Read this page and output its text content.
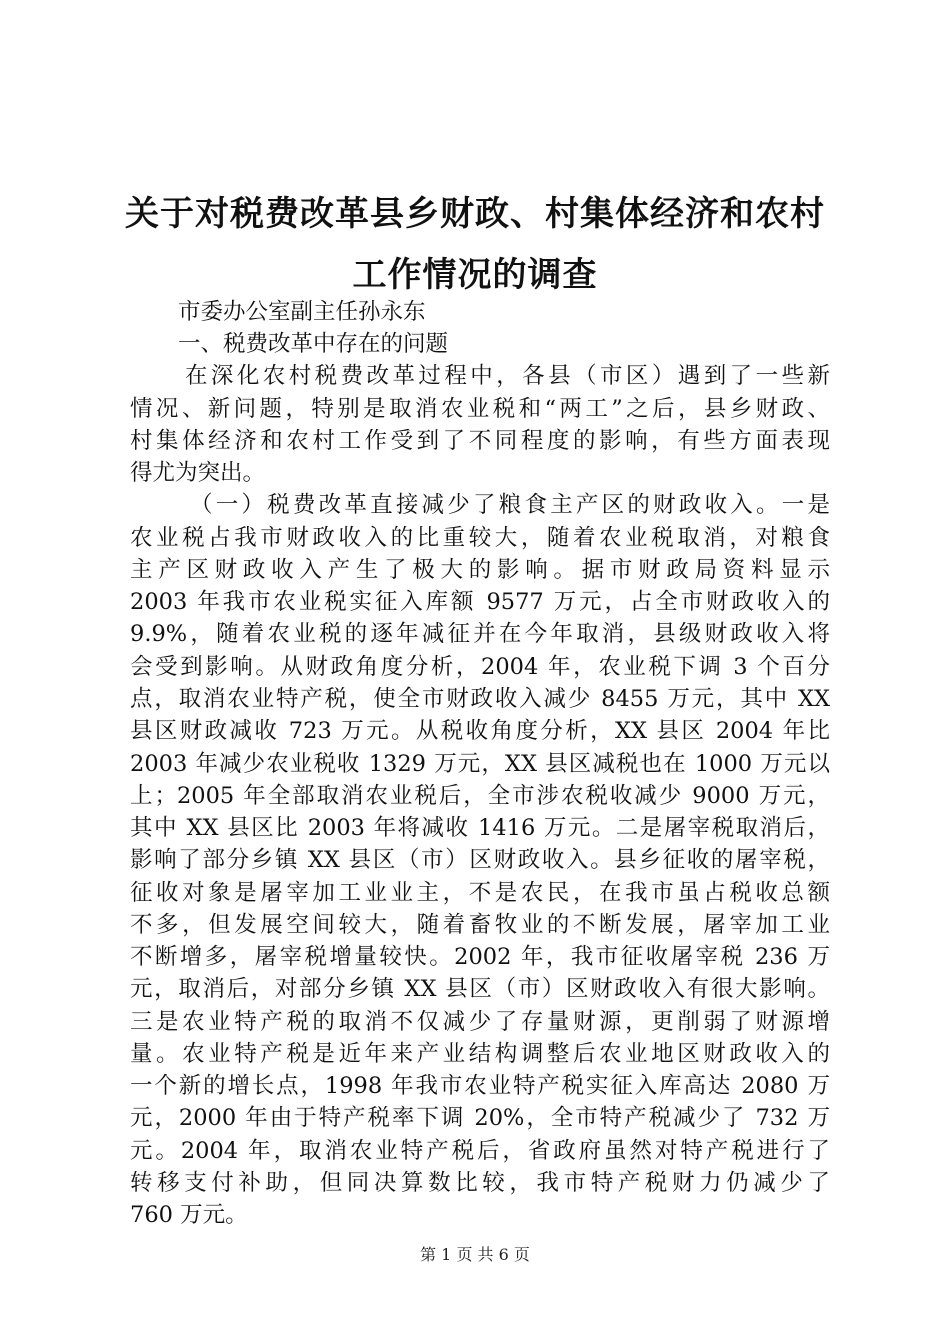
关于对税费改革县乡财政、村集体经济和农村
工作情况的调查
市委办公室副主任孙永东
一、税费改革中存在的问题
在深化农村税费改革过程中，各县（市区）遇到了一些新
情况、新问题，特别是取消农业税和“两工”之后，县乡财政、
村集体经济和农村工作受到了不同程度的影响，有些方面表现
得尤为突出。
（一）税费改革直接减少了粮食主产区的财政收入。一是
农业税占我市财政收入的比重较大，随着农业税取消，对粮食
主产区财政收入产生了极大的影响。据市财政局资料显示
2003 年我市农业税实征入库额 9577 万元，占全市财政收入的
9.9%，随着农业税的逐年减征并在今年取消，县级财政收入将
会受到影响。从财政角度分析，2004 年，农业税下调 3 个百分
点，取消农业特产税，使全市财政收入减少 8455 万元，其中 XX
县区财政减收 723 万元。从税收角度分析，XX 县区 2004 年比
2003 年减少农业税收 1329 万元，XX 县区减税也在 1000 万元以
上；2005 年全部取消农业税后，全市涉农税收减少 9000 万元，
其中 XX 县区比 2003 年将减收 1416 万元。二是屠宰税取消后，
影响了部分乡镇 XX 县区（市）区财政收入。县乡征收的屠宰税，
征收对象是屠宰加工业业主，不是农民，在我市虽占税收总额
不多，但发展空间较大，随着畜牧业的不断发展，屠宰加工业
不断增多，屠宰税增量较快。2002 年，我市征收屠宰税 236 万
元，取消后，对部分乡镇 XX 县区（市）区财政收入有很大影响。
三是农业特产税的取消不仅减少了存量财源，更削弱了财源增
量。农业特产税是近年来产业结构调整后农业地区财政收入的
一个新的增长点，1998 年我市农业特产税实征入库高达 2080 万
元，2000 年由于特产税率下调 20%，全市特产税减少了 732 万
元。2004 年，取消农业特产税后，省政府虽然对特产税进行了
转移支付补助，但同决算数比较，我市特产税财力仍减少了
760 万元。
第 1 页 共 6 页
